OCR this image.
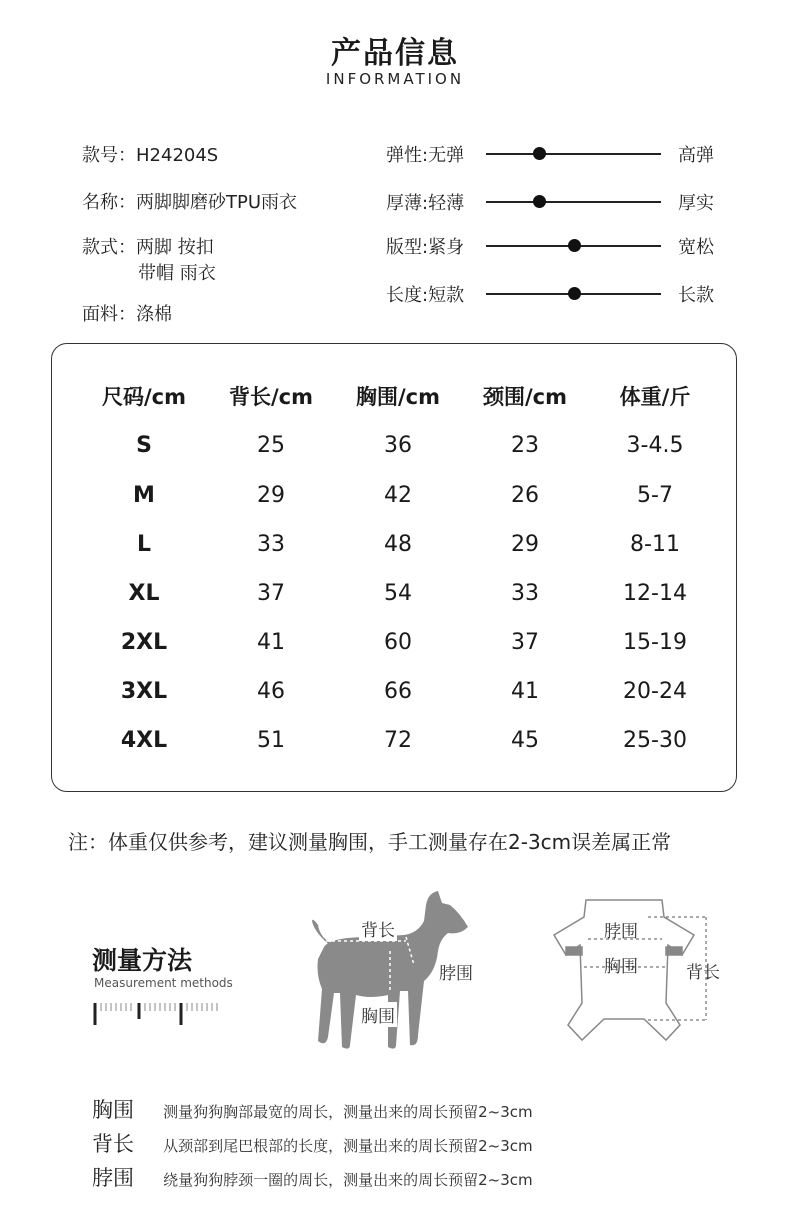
产品信息
INFORMATION
款号：H24204S
名称：两脚脚磨砂TPU雨衣
款式：两脚 按扣
带帽 雨衣
面料：涤棉
弹性:无弹	高弹
厚薄:轻薄	厚实
版型:紧身	宽松
长度:短款	长款
尺码/cm	背长/cm	胸围/cm	颈围/cm	体重/斤
S	25	36	23	3-4.5
M	29	42	26	5-7
L	33	48	29	8-11
XL	37	54	33	12-14
2XL	41	60	37	15-19
3XL	46	66	41	20-24
4XL	51	72	45	25-30
注：体重仅供参考，建议测量胸围，手工测量存在2-3cm误差属正常
测量方法
Measurement methods
背长
脖围
胸围
脖围
胸围	背长
胸围 测量狗狗胸部最宽的周长，测量出来的周长预留2~3cm
背长 从颈部到尾巴根部的长度，测量出来的周长预留2~3cm
脖围 绕量狗狗脖颈一圈的周长，测量出来的周长预留2~3cm
